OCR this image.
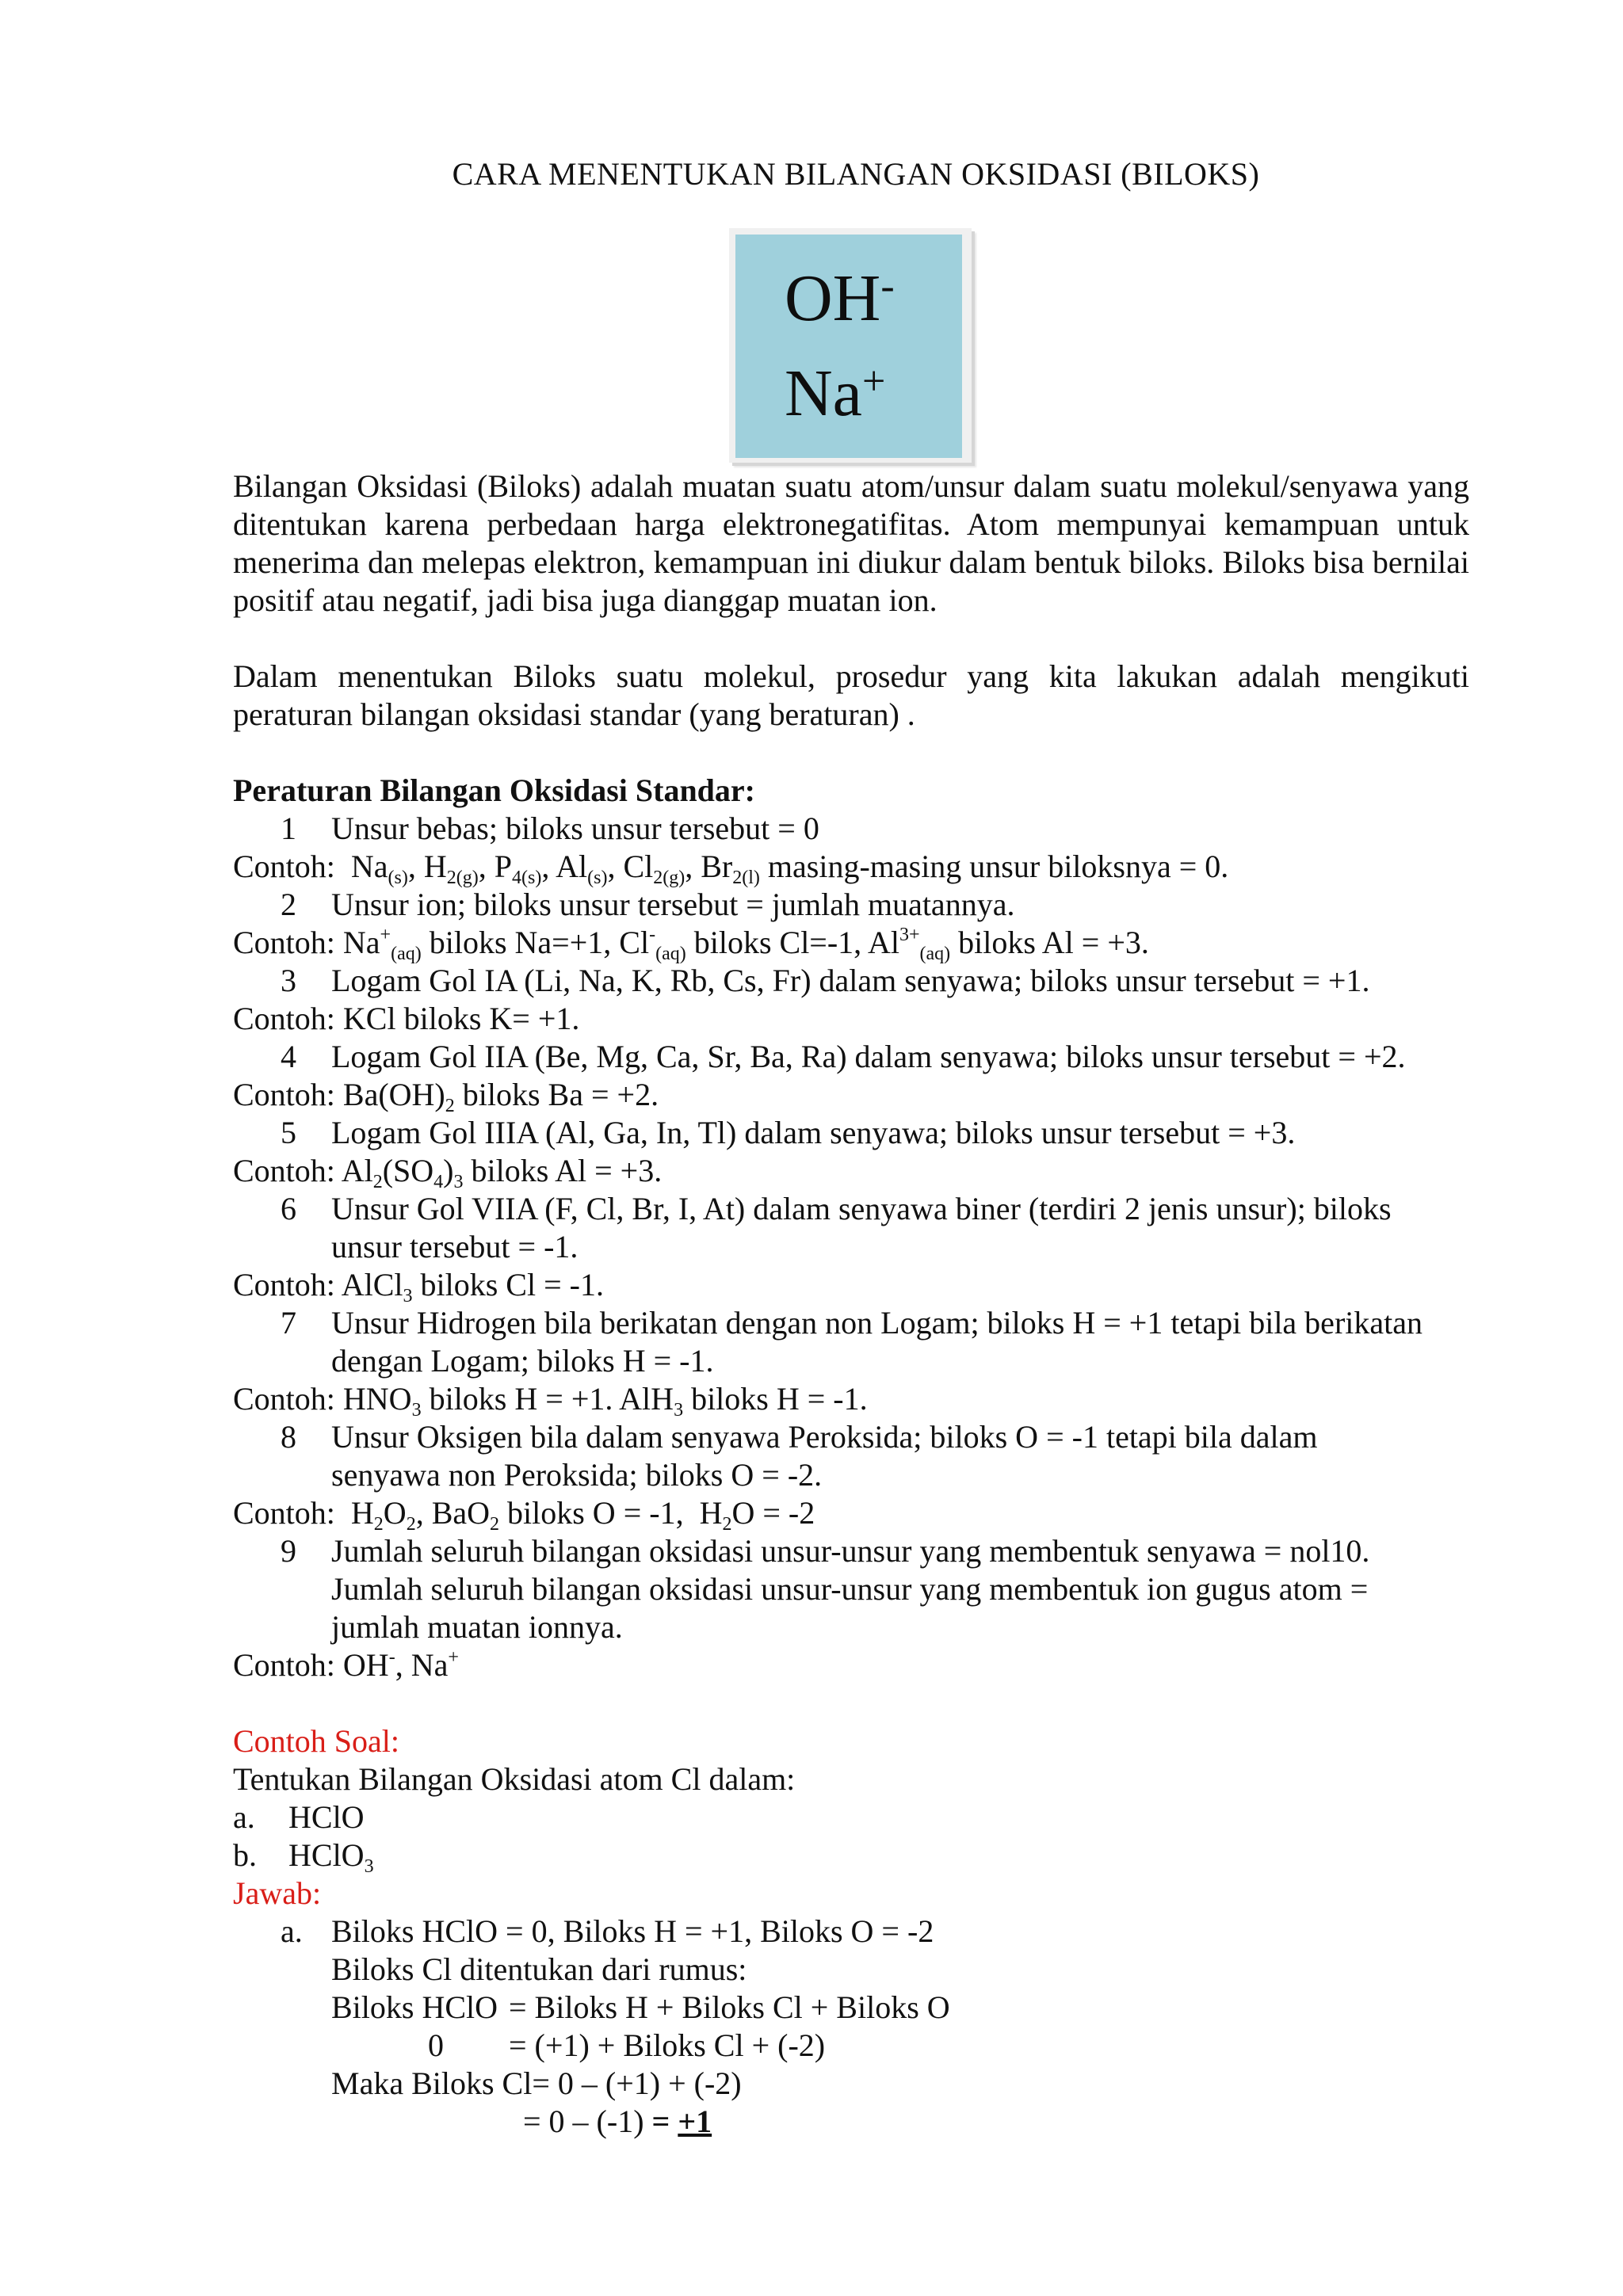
CARA MENENTUKAN BILANGAN OKSIDASI (BILOKS)
OH-
Na+
Bilangan Oksidasi (Biloks) adalah muatan suatu atom/unsur dalam suatu molekul/senyawa yang ditentukan karena perbedaan harga elektronegatifitas. Atom mempunyai kemampuan untuk menerima dan melepas elektron, kemampuan ini diukur dalam bentuk biloks. Biloks bisa bernilai positif atau negatif, jadi bisa juga dianggap muatan ion.
Dalam menentukan Biloks suatu molekul, prosedur yang kita lakukan adalah mengikuti peraturan bilangan oksidasi standar (yang beraturan) .
Peraturan Bilangan Oksidasi Standar:
1 Unsur bebas; biloks unsur tersebut = 0
Contoh:  $Na_{(s)}$, $H_{2(g)}$, $P_{4(s)}$, $Al_{(s)}$, $Cl_{2(g)}$, $Br_{2(l)}$ masing-masing unsur biloksnya = 0.
2 Unsur ion; biloks unsur tersebut = jumlah muatannya.
Contoh: $Na^+_{(aq)}$ biloks Na=+1, $Cl^-_{(aq)}$ biloks Cl=-1, $Al^{3+}_{(aq)}$ biloks Al = +3.
3 Logam Gol IA (Li, Na, K, Rb, Cs, Fr) dalam senyawa; biloks unsur tersebut = +1.
Contoh: KCl biloks K= +1.
4 Logam Gol IIA (Be, Mg, Ca, Sr, Ba, Ra) dalam senyawa; biloks unsur tersebut = +2.
Contoh: $Ba(OH)_2$ biloks Ba = +2.
5 Logam Gol IIIA (Al, Ga, In, Tl) dalam senyawa; biloks unsur tersebut = +3.
Contoh: $Al_2(SO_4)_3$ biloks Al = +3.
6 Unsur Gol VIIA (F, Cl, Br, I, At) dalam senyawa biner (terdiri 2 jenis unsur); biloks
unsur tersebut = -1.
Contoh: AlCl$_3$ biloks Cl = -1.
7 Unsur Hidrogen bila berikatan dengan non Logam; biloks H = +1 tetapi bila berikatan
dengan Logam; biloks H = -1.
Contoh: $HNO_3$ biloks H = +1. AlH$_3$ biloks H = -1.
8 Unsur Oksigen bila dalam senyawa Peroksida; biloks O = -1 tetapi bila dalam
senyawa non Peroksida; biloks O = -2.
Contoh:  $H_2O_2$, BaO$_2$ biloks O = -1,  $H_2O = -2$
9 Jumlah seluruh bilangan oksidasi unsur-unsur yang membentuk senyawa = nol10.
Jumlah seluruh bilangan oksidasi unsur-unsur yang membentuk ion gugus atom =
jumlah muatan ionnya.
Contoh: OH-, Na+
Contoh Soal:
Tentukan Bilangan Oksidasi atom Cl dalam:
a. HClO
b. HClO$_3$
Jawab:
a. Biloks HClO = 0, Biloks H = +1, Biloks O = -2
Biloks Cl ditentukan dari rumus:
Biloks HClO = Biloks H + Biloks Cl + Biloks O
0 = (+1) + Biloks Cl + (-2)
Maka Biloks Cl= 0 – (+1) + (-2)
= 0 – (-1) = +1
